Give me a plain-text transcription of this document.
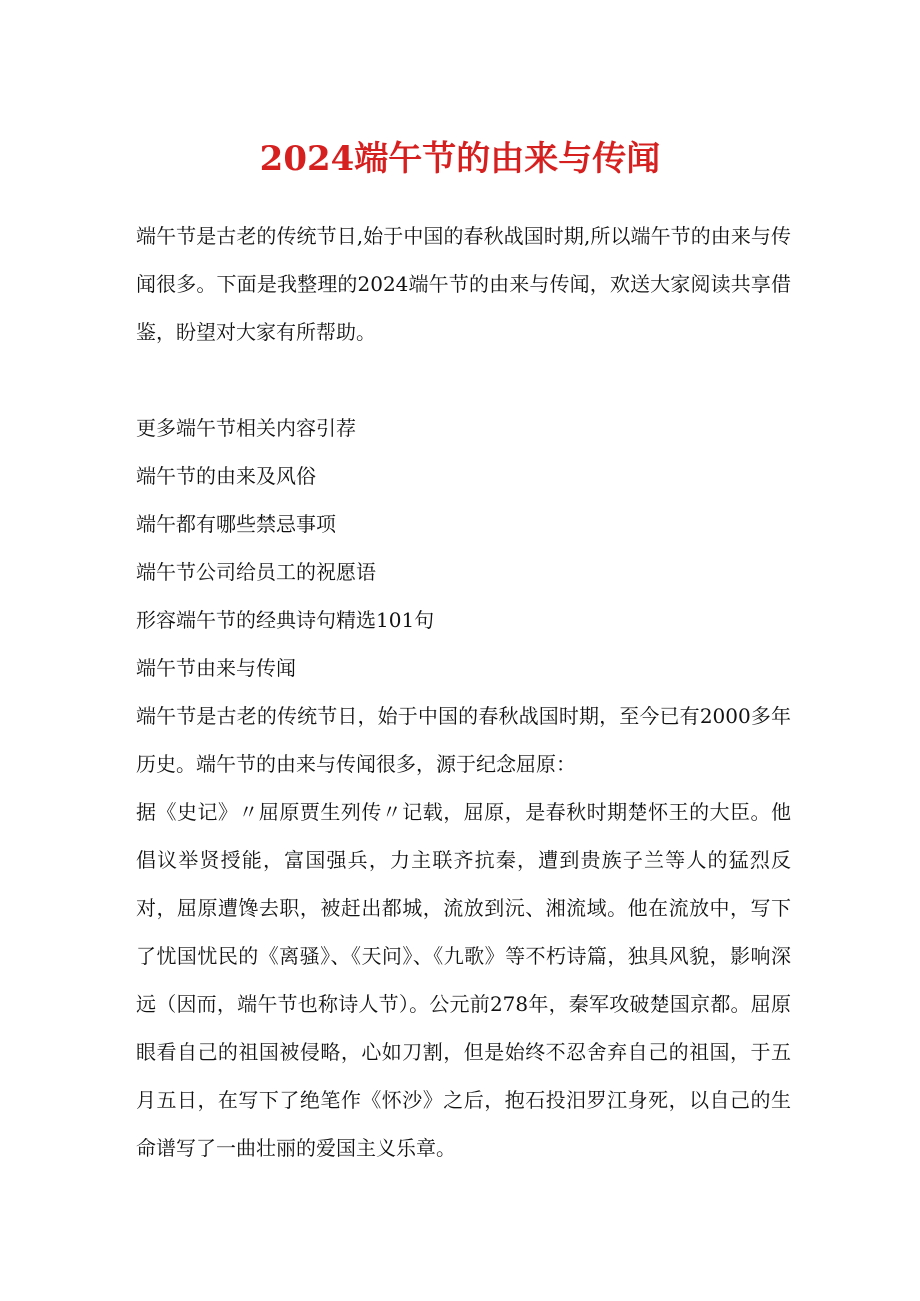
2024端午节的由来与传闻

端午节是古老的传统节日,始于中国的春秋战国时期,所以端午节的由来与传闻很多。下面是我整理的2024端午节的由来与传闻，欢送大家阅读共享借鉴，盼望对大家有所帮助。

更多端午节相关内容引荐
端午节的由来及风俗
端午都有哪些禁忌事项
端午节公司给员工的祝愿语
形容端午节的经典诗句精选101句
端午节由来与传闻

端午节是古老的传统节日，始于中国的春秋战国时期，至今已有2000多年历史。端午节的由来与传闻很多，源于纪念屈原：

据《史记》〃屈原贾生列传〃记载，屈原，是春秋时期楚怀王的大臣。他倡议举贤授能，富国强兵，力主联齐抗秦，遭到贵族子兰等人的猛烈反对，屈原遭馋去职，被赶出都城，流放到沅、湘流域。他在流放中，写下了忧国忧民的《离骚》、《天问》、《九歌》等不朽诗篇，独具风貌，影响深远（因而，端午节也称诗人节）。公元前278年，秦军攻破楚国京都。屈原眼看自己的祖国被侵略，心如刀割，但是始终不忍舍弃自己的祖国，于五月五日，在写下了绝笔作《怀沙》之后，抱石投汨罗江身死，以自己的生命谱写了一曲壮丽的爱国主义乐章。
